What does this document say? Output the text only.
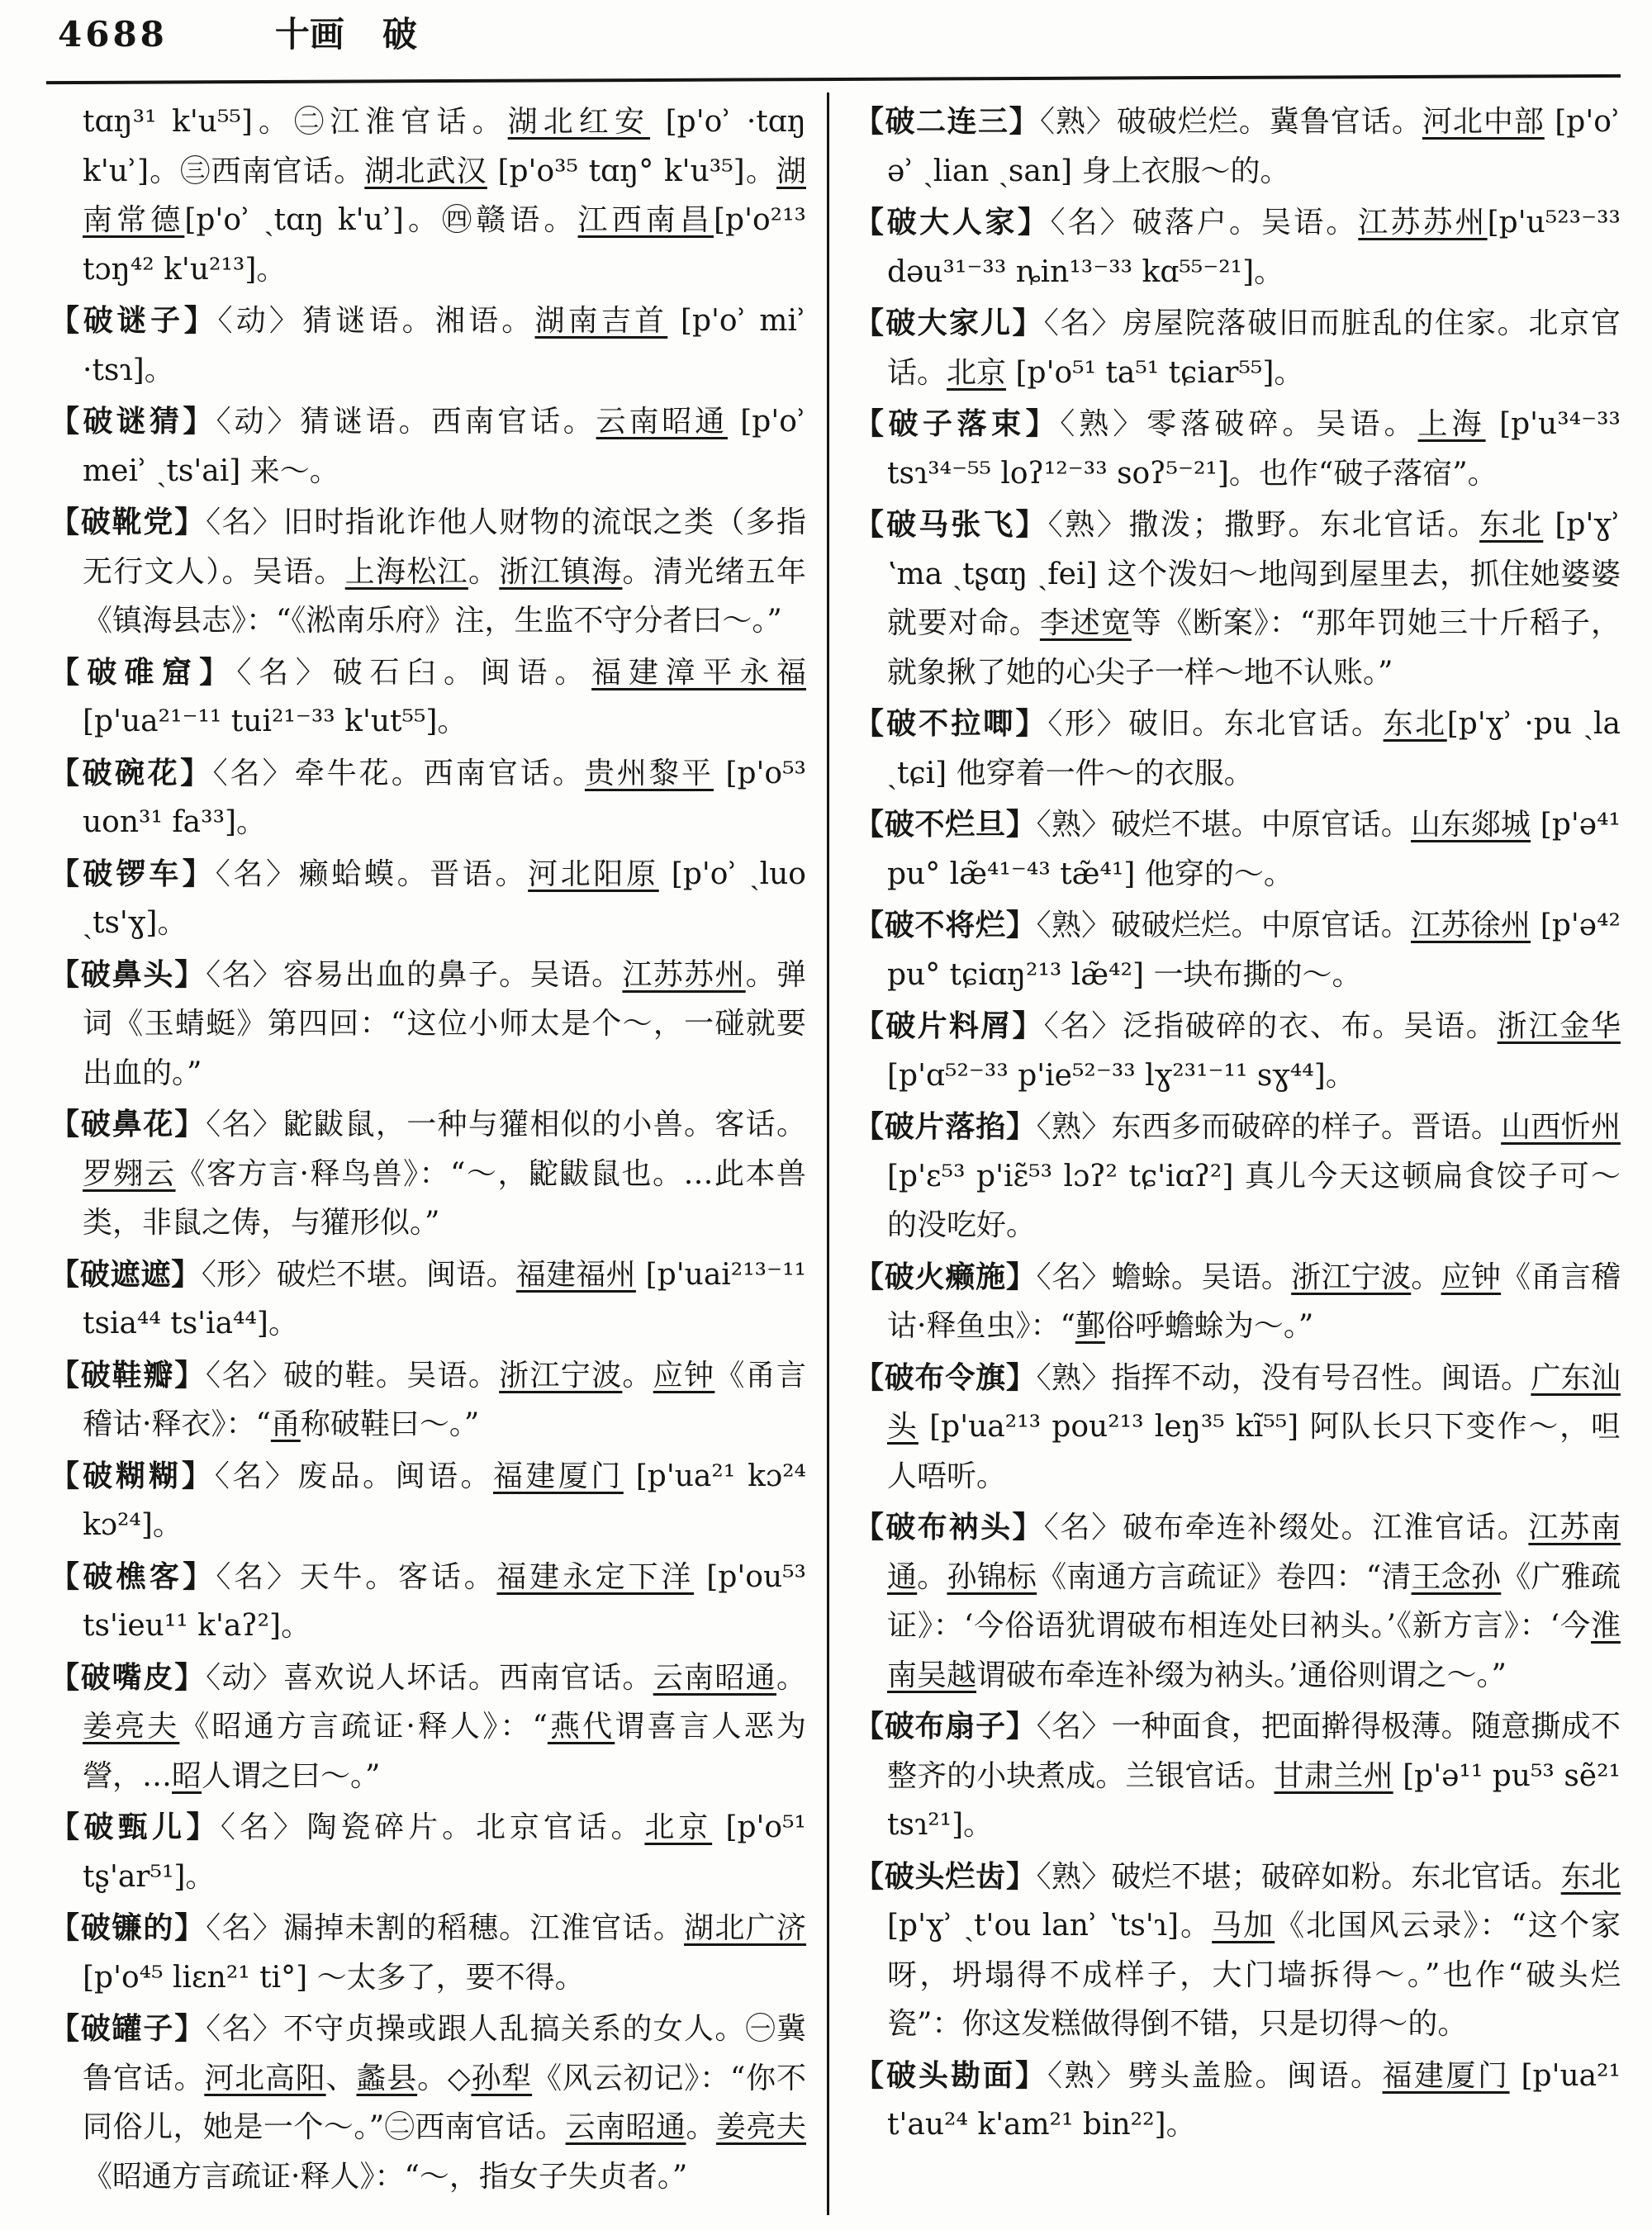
4688	十画 破

tɑŋ³¹ k'u⁵⁵]。㊁江淮官话。湖北红安 [p'oʾ ·tɑŋ k'uʾ]。㊂西南官话。湖北武汉 [p'o³⁵ tɑŋ° k'u³⁵]。湖南常德[p'oʾ ˎtɑŋ k'uʾ]。㊃赣语。江西南昌[p'o²¹³ tɔŋ⁴² k'u²¹³]。

【破谜子】〈动〉猜谜语。湘语。湖南吉首 [p'oʾ miʾ ·tsɿ]。

【破谜猜】〈动〉猜谜语。西南官话。云南昭通 [p'oʾ meiʾ ˎts'ai] 来～。

【破靴党】〈名〉旧时指讹诈他人财物的流氓之类（多指无行文人）。吴语。上海松江。浙江镇海。清光绪五年《镇海县志》：“《淞南乐府》注，生监不守分者曰～。”

【破碓窟】〈名〉破石臼。闽语。福建漳平永福 [p'ua²¹⁻¹¹ tui²¹⁻³³ k'ut⁵⁵]。

【破碗花】〈名〉牵牛花。西南官话。贵州黎平 [p'o⁵³ uon³¹ fa³³]。

【破锣车】〈名〉癞蛤蟆。晋语。河北阳原 [p'oʾ ˎluo ˎts'ɣ]。

【破鼻头】〈名〉容易出血的鼻子。吴语。江苏苏州。弹词《玉蜻蜓》第四回：“这位小师太是个～，一碰就要出血的。”

【破鼻花】〈名〉鼧鼥鼠，一种与獾相似的小兽。客话。罗翙云《客方言·释鸟兽》：“～，鼧鼥鼠也。…此本兽类，非鼠之俦，与獾形似。”

【破遮遮】〈形〉破烂不堪。闽语。福建福州 [p'uai²¹³⁻¹¹ tsia⁴⁴ ts'ia⁴⁴]。

【破鞋瓣】〈名〉破的鞋。吴语。浙江宁波。应钟《甬言稽诂·释衣》：“甬称破鞋曰～。”

【破糊糊】〈名〉废品。闽语。福建厦门 [p'ua²¹ kɔ²⁴ kɔ²⁴]。

【破樵客】〈名〉天牛。客话。福建永定下洋 [p'ou⁵³ ts'ieu¹¹ k'aʔ²]。

【破嘴皮】〈动〉喜欢说人坏话。西南官话。云南昭通。姜亮夫《昭通方言疏证·释人》：“燕代谓喜言人恶为謍，…昭人谓之曰～。”

【破甄儿】〈名〉陶瓷碎片。北京官话。北京 [p'o⁵¹ tʂ'ar⁵¹]。

【破镰的】〈名〉漏掉未割的稻穗。江淮官话。湖北广济 [p'o⁴⁵ liɛn²¹ ti°] ～太多了，要不得。

【破罐子】〈名〉不守贞操或跟人乱搞关系的女人。㊀冀鲁官话。河北高阳、蠡县。◇孙犁《风云初记》：“你不同俗儿，她是一个～。”㊁西南官话。云南昭通。姜亮夫《昭通方言疏证·释人》：“～，指女子失贞者。”

【破二连三】〈熟〉破破烂烂。冀鲁官话。河北中部 [p'oʾ əʾ ˎlian ˎsan] 身上衣服～的。

【破大人家】〈名〉破落户。吴语。江苏苏州[p'u⁵²³⁻³³ dəu³¹⁻³³ ȵin¹³⁻³³ kɑ⁵⁵⁻²¹]。

【破大家儿】〈名〉房屋院落破旧而脏乱的住家。北京官话。北京 [p'o⁵¹ ta⁵¹ tɕiar⁵⁵]。

【破子落束】〈熟〉零落破碎。吴语。上海 [p'u³⁴⁻³³ tsɿ³⁴⁻⁵⁵ loʔ¹²⁻³³ soʔ⁵⁻²¹]。也作“破子落宿”。

【破马张飞】〈熟〉撒泼；撒野。东北官话。东北 [p'ɣʾ ʽma ˎtʂɑŋ ˎfei] 这个泼妇～地闯到屋里去，抓住她婆婆就要对命。李述宽等《断案》：“那年罚她三十斤稻子，就象揪了她的心尖子一样～地不认账。”

【破不拉唧】〈形〉破旧。东北官话。东北[p'ɣʾ ·pu ˎla ˎtɕi] 他穿着一件～的衣服。

【破不烂旦】〈熟〉破烂不堪。中原官话。山东郯城 [p'ə⁴¹ pu° læ̃⁴¹⁻⁴³ tæ̃⁴¹] 他穿的～。

【破不将烂】〈熟〉破破烂烂。中原官话。江苏徐州 [p'ə⁴² pu° tɕiɑŋ²¹³ læ̃⁴²] 一块布撕的～。

【破片料屑】〈名〉泛指破碎的衣、布。吴语。浙江金华 [p'ɑ⁵²⁻³³ p'ie⁵²⁻³³ lɣ²³¹⁻¹¹ sɣ⁴⁴]。

【破片落掐】〈熟〉东西多而破碎的样子。晋语。山西忻州 [p'ɛ⁵³ p'iɛ̃⁵³ lɔʔ² tɕ'iɑʔ²] 真儿今天这顿扁食饺子可～的没吃好。

【破火癞施】〈名〉蟾蜍。吴语。浙江宁波。应钟《甬言稽诂·释鱼虫》：“鄞俗呼蟾蜍为～。”

【破布令旗】〈熟〉指挥不动，没有号召性。闽语。广东汕头 [p'ua²¹³ pou²¹³ leŋ³⁵ kĩ⁵⁵] 阿队长只下变作～，呾人唔听。

【破布衲头】〈名〉破布牵连补缀处。江淮官话。江苏南通。孙锦标《南通方言疏证》卷四：“清王念孙《广雅疏证》：‘今俗语犹谓破布相连处曰衲头。’《新方言》：‘今淮南吴越谓破布牵连补缀为衲头。’通俗则谓之～。”

【破布扇子】〈名〉一种面食，把面擀得极薄。随意撕成不整齐的小块煮成。兰银官话。甘肃兰州 [p'ə¹¹ pu⁵³ sẽ²¹ tsɿ²¹]。

【破头烂齿】〈熟〉破烂不堪；破碎如粉。东北官话。东北 [p'ɣʾ ˎt'ou lanʾ ʽts'ɿ]。马加《北国风云录》：“这个家呀，坍塌得不成样子，大门墙拆得～。”也作“破头烂瓷”：你这发糕做得倒不错，只是切得～的。

【破头勘面】〈熟〉劈头盖脸。闽语。福建厦门 [p'ua²¹ t'au²⁴ k'am²¹ bin²²]。
